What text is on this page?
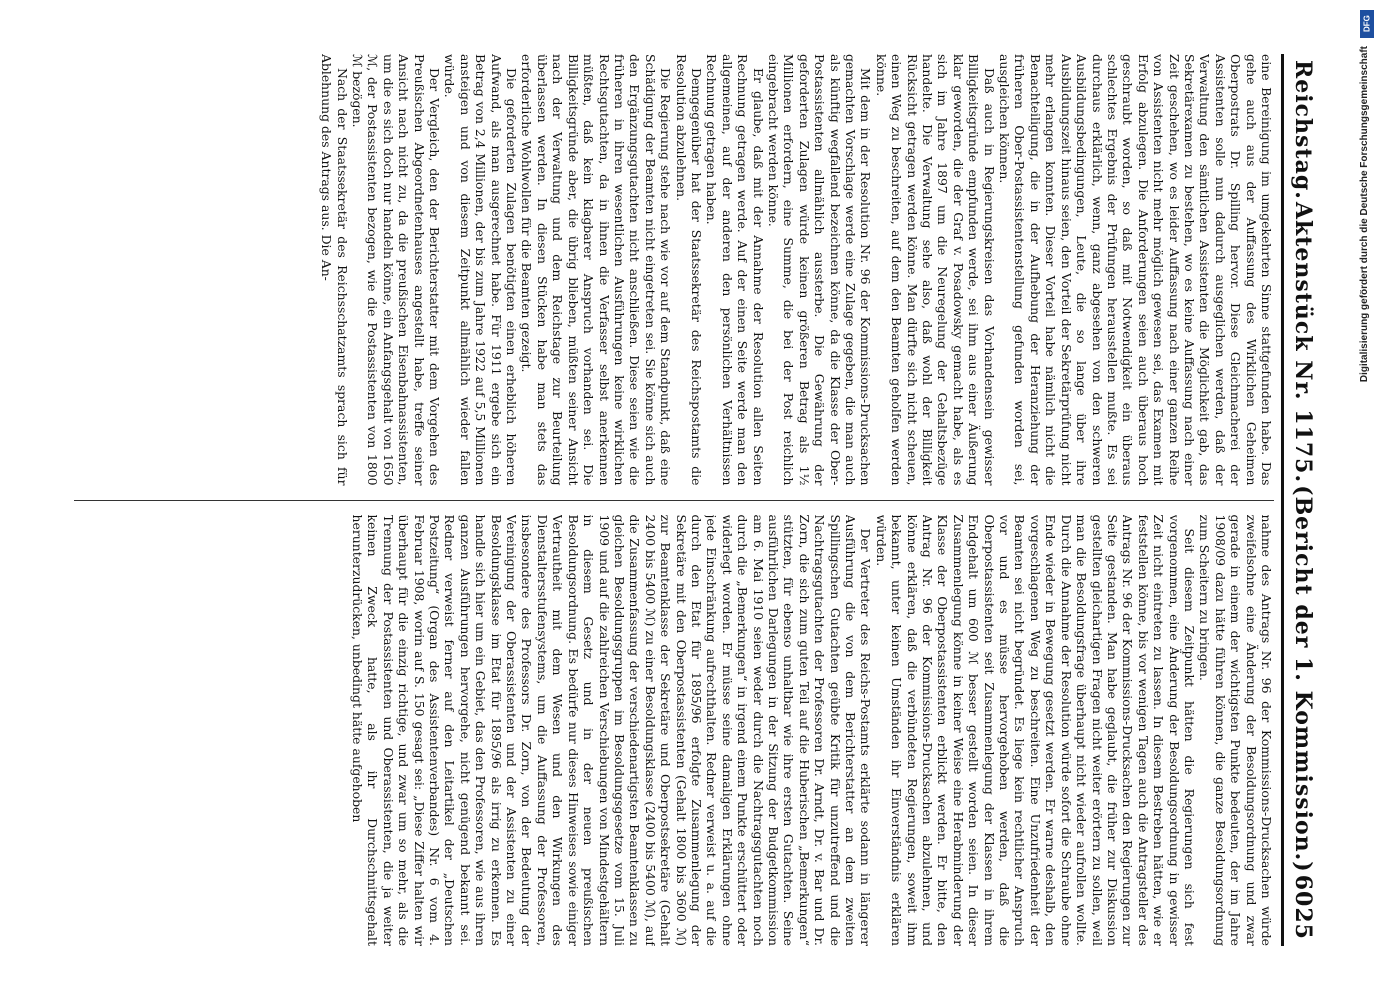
Reichstag.
Aktenstück Nr. 1175.
(Bericht der 1. Kommission.)
6025

eine Bereinigung im umgekehrten Sinne stattgefunden habe. Das gehe auch aus der Auffassung des Wirklichen Geheimen Oberpostrats Dr. Spilling hervor. Diese Gleichmacherei der Assistenten solle nun dadurch ausgeglichen werden, daß der Verwaltung den sämtlichen Assistenten die Möglichkeit gab, das Sekretärexamen zu bestehen, wo es keine Auffassung nach einer Zeit geschehen, wo es leider Auffassung nach einer ganzen Reihe von Assistenten nicht mehr möglich gewesen sei, das Examen mit Erfolg abzulegen. Die Anforderungen seien auch überaus hoch geschraubt worden, so daß mit Notwendigkeit ein überaus schlechtes Ergebnis der Prüfungen herausstellen mußte. Es sei durchaus erklärlich, wenn, ganz abgesehen von den schweren Ausbildungsbedingungen, Leute, die so lange über ihre Ausbildungszeit hinaus seien, den Vorteil der Sekretärprüfung nicht mehr erlangen konnten. Dieser Vorteil habe nämlich nicht die Benachteiligung, die in der Aufhebung der Heranziehung der früheren Ober-Postassistentenstellung gefunden worden sei, ausgleichen können.

Daß auch in Regierungskreisen das Vorhandensein gewisser Billigkeitsgründe empfunden werde, sei ihm aus einer Äußerung klar geworden, die der Graf v. Posadowsky gemacht habe, als es sich im Jahre 1897 um die Neuregelung der Gehaltsbezüge handelte. Die Verwaltung sehe also, daß wohl der Billigkeit Rücksicht getragen werden könne. Man dürfte sich nicht scheuen, einen Weg zu beschreiten, auf dem den Beamten geholfen werden könne.

Mit dem in der Resolution Nr. 96 der Kommissions-Drucksachen gemachten Vorschlage werde eine Zulage gegeben, die man auch als künftig wegfallend bezeichnen könne, da die Klasse der Ober-Postassistenten allmählich aussterbe. Die Gewährung der geforderten Zulagen würde keinen größeren Betrag als 1½ Millionen erfordern, eine Summe, die bei der Post reichlich eingebracht werden könne.

Er glaube, daß mit der Annahme der Resolution allen Seiten Rechnung getragen werde. Auf der einen Seite werde man den allgemeinen, auf der anderen den persönlichen Verhältnissen Rechnung getragen haben.

Demgegenüber hat der Staatssekretär des Reichspostamts die Resolution abzulehnen.

Die Regierung stehe nach wie vor auf dem Standpunkt, daß eine Schädigung der Beamten nicht eingetreten sei. Sie könne sich auch den Ergänzungsgutachten nicht anschließen. Diese seien wie die früheren in ihren wesentlichen Ausführungen keine wirklichen Rechtsgutachten, da in ihnen die Verfasser selbst anerkennen müßten, daß kein klagbarer Anspruch vorhanden sei. Die Billigkeitsgründe aber, die übrig blieben, müßten seiner Ansicht nach der Verwaltung und dem Reichstage zur Beurteilung überlassen werden. In diesen Stücken habe man stets das erforderliche Wohlwollen für die Beamten gezeigt.

Die geforderten Zulagen benötigten einen erheblich höheren Aufwand, als man ausgerechnet habe. Für 1911 ergebe sich ein Betrag von 2,4 Millionen, der bis zum Jahre 1922 auf 5,5 Millionen ansteigen und von diesem Zeitpunkt allmählich wieder fallen würde.

Der Vergleich, den der Berichterstatter mit dem Vorgehen des Preußischen Abgeordnetenhauses angestellt habe, treffe seiner Ansicht nach nicht zu, da die preußischen Eisenbahnassistenten, um die es sich doch nur handeln könne, ein Anfangsgehalt von 1650 ℳ, der Postassistenten bezogen, wie die Postassistenten von 1800 ℳ bezögen.

Nach der Staatssekretär des Reichsschatzamts sprach sich für Ablehnung des Antrags aus. Die An-

nahme des Antrags Nr. 96 der Kommissions-Drucksachen würde zweifelsohne eine Änderung der Besoldungsordnung und zwar gerade in einem der wichtigsten Punkte bedeuten, der im Jahre 1908/09 dazu hätte führen können, die ganze Besoldungsordnung zum Scheitern zu bringen.

Seit diesem Zeitpunkt hätten die Regierungen sich fest vorgenommen, eine Änderung der Besoldungsordnung in gewisser Zeit nicht eintreten zu lassen. In diesem Bestreben hätten, wie er feststellen könne, bis vor wenigen Tagen auch die Antragsteller des Antrags Nr. 96 der Kommissions-Drucksachen den Regierungen zur Seite gestanden. Man habe geglaubt, die früher zur Diskussion gestellten gleichartigen Fragen nicht weiter erörtern zu sollen, weil man die Besoldungsfrage überhaupt nicht wieder aufrollen wollte. Durch die Annahme der Resolution würde sofort die Schraube ohne Ende wieder in Bewegung gesetzt werden. Er warne deshalb, den vorgeschlagenen Weg zu beschreiten. Eine Unzufriedenheit der Beamten sei nicht begründet. Es liege kein rechtlicher Anspruch vor und es müsse hervorgehoben werden, daß die Oberpostassistenten seit Zusammenlegung der Klassen in ihrem Endgehalt um 600 ℳ besser gestellt worden seien. In dieser Zusammenlegung könne in keiner Weise eine Herabminderung der Klasse der Oberpostassistenten erblickt werden. Er bitte, den Antrag Nr. 96 der Kommissions-Drucksachen abzulehnen, und könne erklären, daß die verbündeten Regierungen, soweit ihm bekannt, unter keinen Umständen ihr Einverständnis erklären würden.

Der Vertreter des Reichs-Postamts erklärte sodann in längerer Ausführung die von dem Berichterstatter an dem zweiten Spillingschen Gutachten geübte Kritik für unzutreffend und die Nachtragsgutachten der Professoren Dr. Arndt, Dr. v. Bar und Dr. Zorn, die sich zum guten Teil auf die Huberischen „Bemerkungen“ stützten, für ebenso unhaltbar wie ihre ersten Gutachten. Seine ausführlichen Darlegungen in der Sitzung der Budgetkommission am 6. Mai 1910 seien weder durch die Nachtragsgutachten noch durch die „Bemerkungen“ in irgend einem Punkte erschüttert oder widerlegt worden. Er müsse seine damaligen Erklärungen ohne jede Einschränkung aufrechthalten. Redner verweist u. a. auf die durch den Etat für 1895/96 erfolgte Zusammenlegung der Sekretäre mit den Oberpostassistenten (Gehalt 1800 bis 3600 ℳ) zur Beamtenklasse der Sekretäre und Oberpostsekretäre (Gehalt 2400 bis 5400 ℳ) zu einer Besoldungsklasse (2400 bis 5400 ℳ), auf die Zusammenfassung der verschiedenartigsten Beamtenklassen zu gleichen Besoldungsgruppen im Besoldungsgesetze vom 15. Juli 1909 und auf die zahlreichen Verschiebungen von Mindestgehältern in diesem Gesetz und in der neuen preußischen Besoldungsordnung. Es bedürfe nur dieses Hinweises sowie einiger Vertrautheit mit dem Wesen und den Wirkungen des Dienstaltersstufensystems, um die Auffassung der Professoren, insbesondere des Professors Dr. Zorn, von der Bedeutung der Vereinigung der Oberassistenten und der Assistenten zu einer Besoldungsklasse im Etat für 1895/96 als irrig zu erkennen. Es handle sich hier um ein Gebiet, das den Professoren, wie aus ihren ganzen Ausführungen hervorgehe, nicht genügend bekannt sei. Redner verweist ferner auf den Leitartikel der „Deutschen Postzeitung“ (Organ des Assistentenverbandes) Nr. 6 vom 4. Februar 1908, worin auf S. 150 gesagt sei: „Diese Ziffer halten wir überhaupt für die einzig richtige, und zwar um so mehr, als die Trennung der Postassistenten und Oberassistenten, die ja weiter keinen Zweck hatte, als ihr Durchschnittsgehalt herunterzudrücken, unbedingt hätte aufgehoben

DFG
Digitalisierung gefördert durch die Deutsche Forschungsgemeinschaft
